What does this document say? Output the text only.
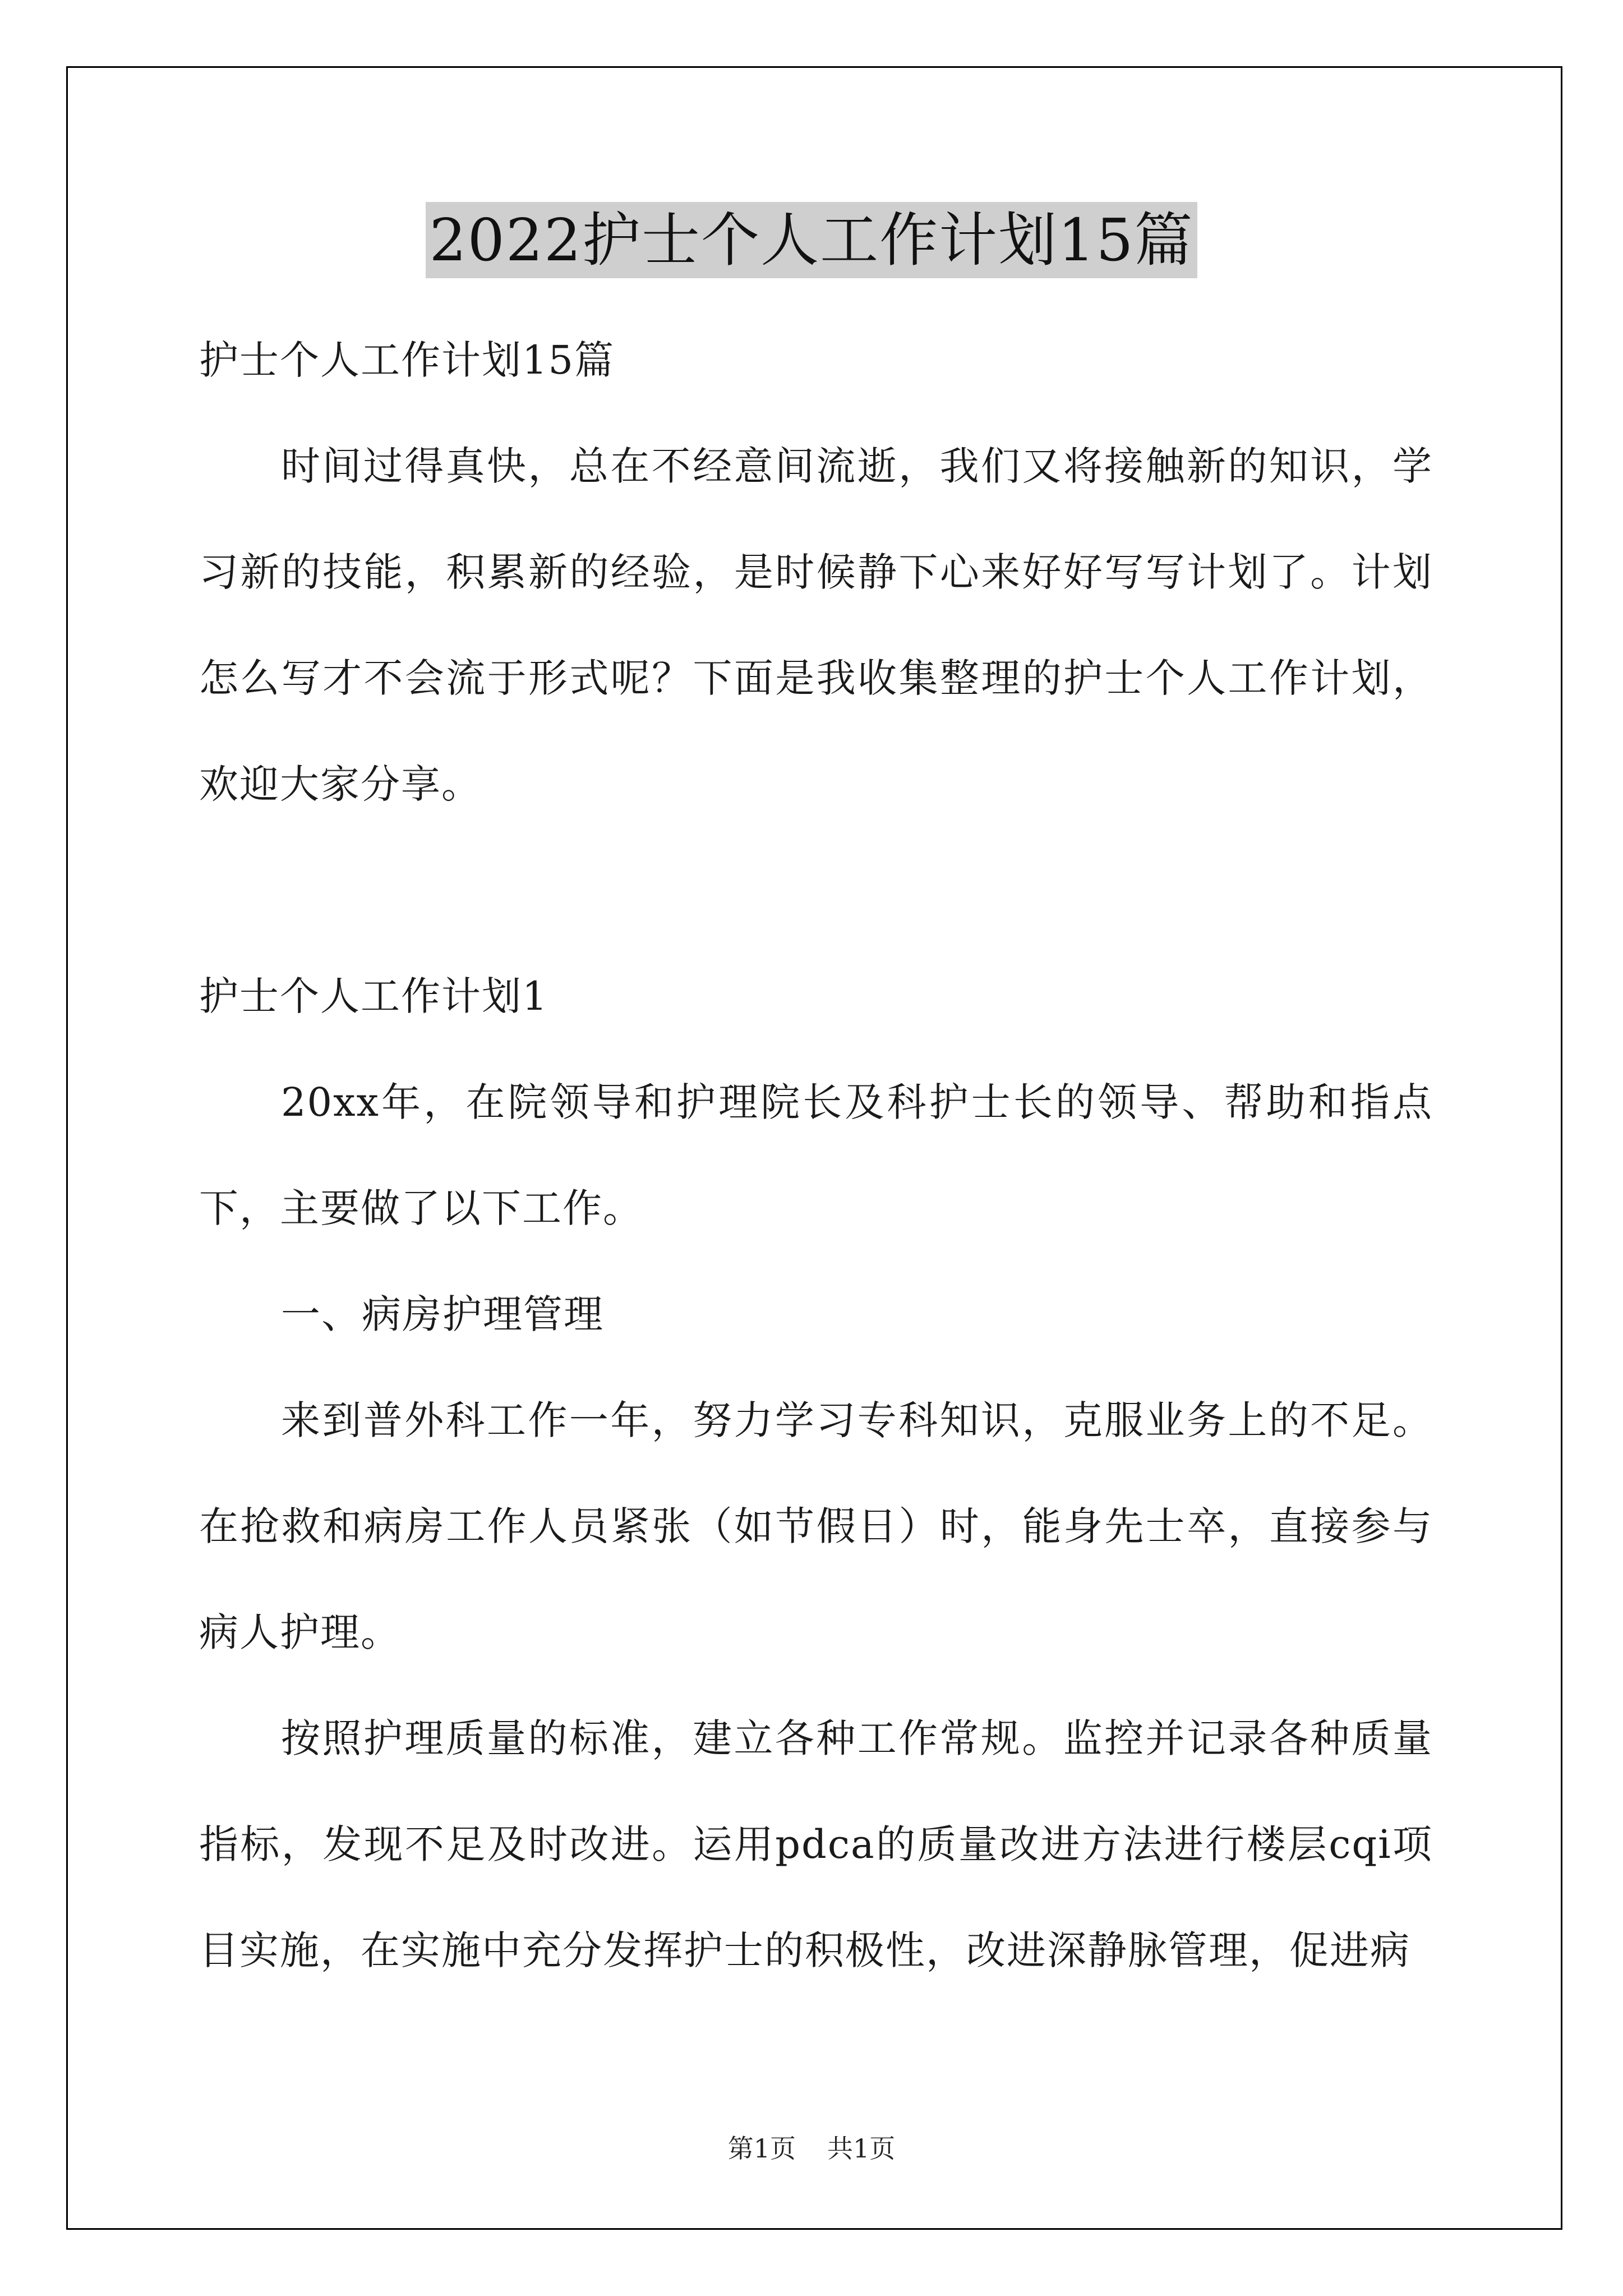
2022护士个人工作计划15篇

护士个人工作计划15篇

时间过得真快，总在不经意间流逝，我们又将接触新的知识，学习新的技能，积累新的经验，是时候静下心来好好写写计划了。计划怎么写才不会流于形式呢？下面是我收集整理的护士个人工作计划，欢迎大家分享。

护士个人工作计划1

20xx年，在院领导和护理院长及科护士长的领导、帮助和指点下，主要做了以下工作。

一、病房护理管理

来到普外科工作一年，努力学习专科知识，克服业务上的不足。在抢救和病房工作人员紧张（如节假日）时，能身先士卒，直接参与病人护理。

按照护理质量的标准，建立各种工作常规。监控并记录各种质量指标，发现不足及时改进。运用pdca的质量改进方法进行楼层cqi项目实施，在实施中充分发挥护士的积极性，改进深静脉管理，促进病

第1页 共1页
